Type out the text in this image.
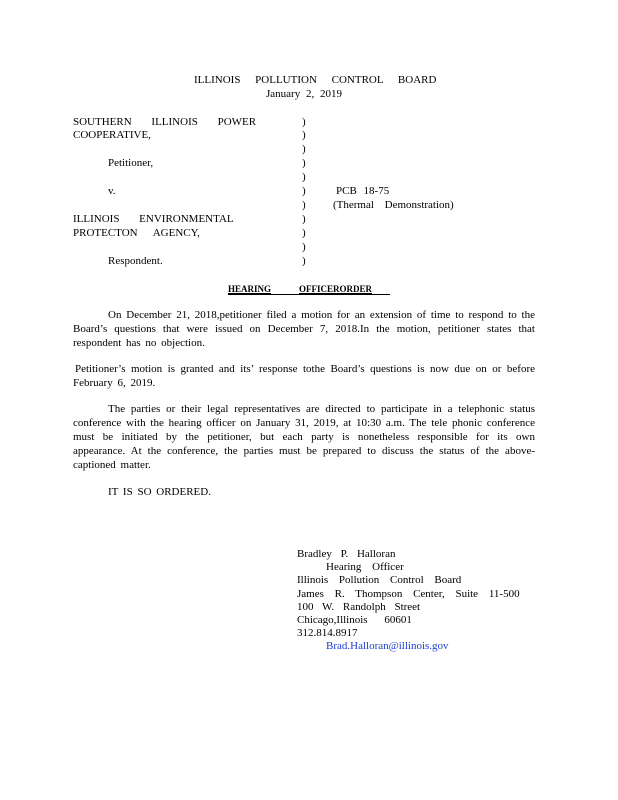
ILLINOIS POLLUTION CONTROL BOARD
January 2, 2019
SOUTHERN ILLINOIS POWER
COOPERATIVE,
Petitioner,
v.
ILLINOIS ENVIRONMENTAL
PROTECTON AGENCY,
Respondent.
)
)
)
)
)
)
)
)
)
)
)
PCB 18-75
(Thermal Demonstration)
HEARING	OFFICERORDER
On December 21, 2018,petitioner filed a motion for an extension of time to respond to the Board’s questions that were issued on December 7, 2018.In the motion, petitioner states that respondent has no objection.
Petitioner’s motion is granted and its’ response tothe Board’s questions is now due on or before February 6, 2019.
The parties or their legal representatives are directed to participate in a telephonic status conference with the hearing officer on January 31, 2019, at 10:30 a.m. The tele phonic conference must be initiated by the petitioner, but each party is nonetheless responsible for its own appearance. At the conference, the parties must be prepared to discuss the status of the above- captioned matter.
IT IS SO ORDERED.
Bradley P. Halloran
Hearing Officer
Illinois Pollution Control Board
James R. Thompson Center, Suite 11-500
100 W. Randolph Street
Chicago,Illinois 60601
312.814.8917
Brad.Halloran@illinois.gov
